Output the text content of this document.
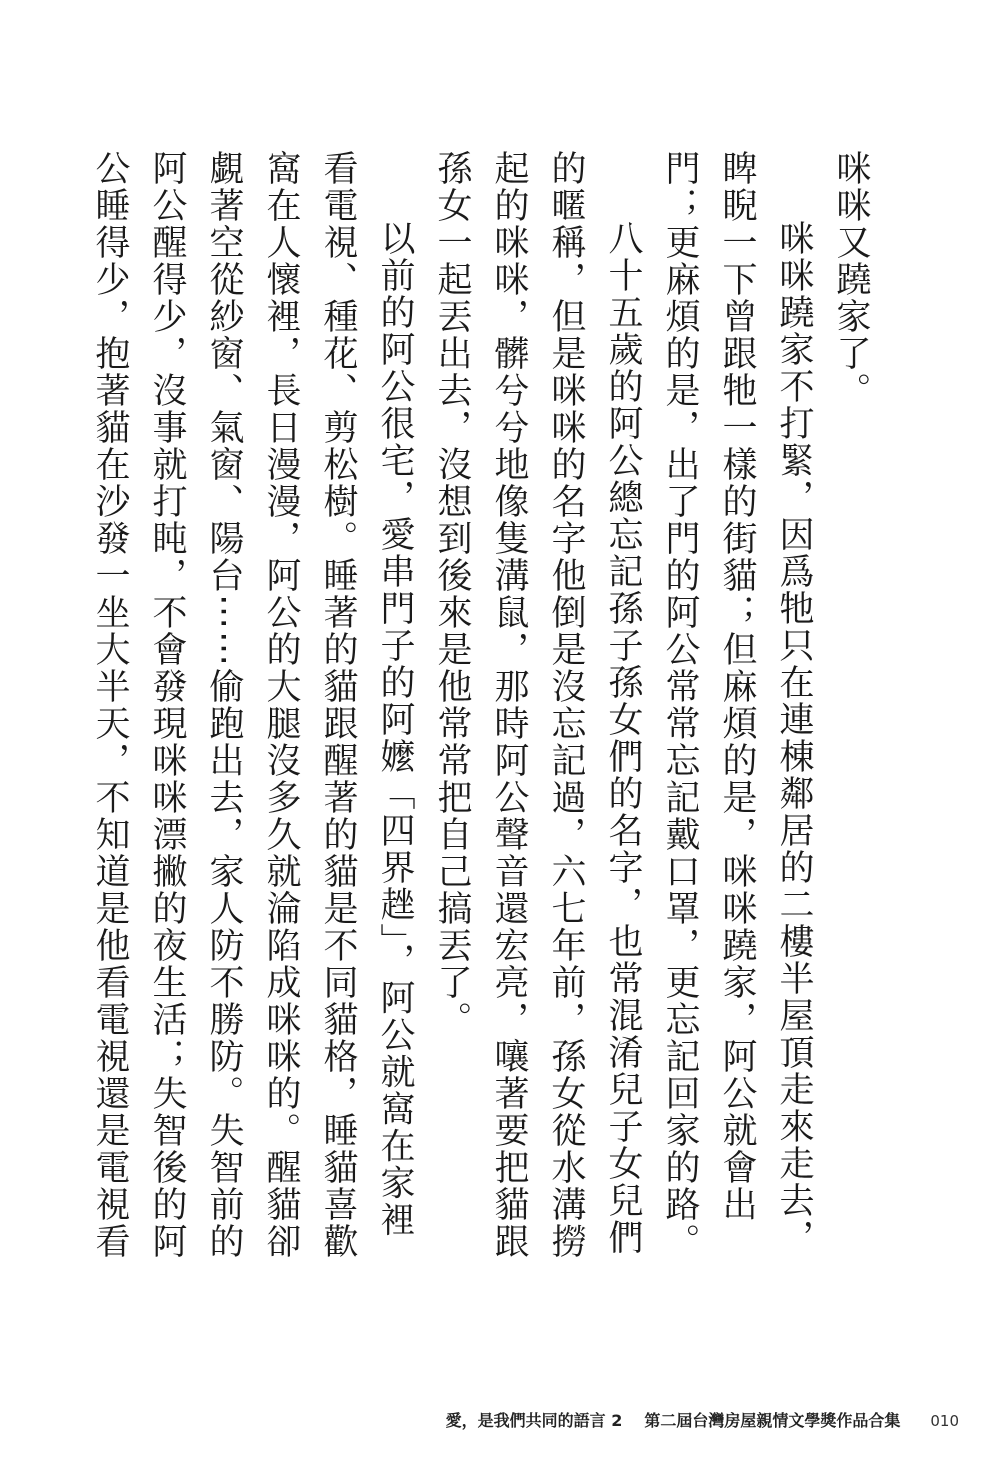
咪咪又蹺家了。

咪咪蹺家不打緊，因爲牠只在連棟鄰居的二樓半屋頂走來走去，睥睨一下曾跟牠一樣的街貓；但麻煩的是，咪咪蹺家，阿公就會出門；更麻煩的是，出了門的阿公常常忘記戴口罩，更忘記回家的路。

八十五歲的阿公總忘記孫子孫女們的名字，也常混淆兒子女兒們的暱稱，但是咪咪的名字他倒是沒忘記過，六七年前，孫女從水溝撈起的咪咪，髒兮兮地像隻溝鼠，那時阿公聲音還宏亮，嚷著要把貓跟孫女一起丟出去，沒想到後來是他常常把自己搞丟了。

以前的阿公很宅，愛串門子的阿嬤「四界趖」，阿公就窩在家裡看電視、種花、剪松樹。睡著的貓跟醒著的貓是不同貓格，睡貓喜歡窩在人懷裡，長日漫漫，阿公的大腿沒多久就淪陷成咪咪的。醒貓卻覷著空從紗窗、氣窗、陽台⋯⋯偷跑出去，家人防不勝防。失智前的阿公醒得少，沒事就打盹，不會發現咪咪漂撇的夜生活；失智後的阿公睡得少，抱著貓在沙發一坐大半天，不知道是他看電視還是電視看

愛，是我們共同的語言 2 第二屆台灣房屋親情文學獎作品合集 010
